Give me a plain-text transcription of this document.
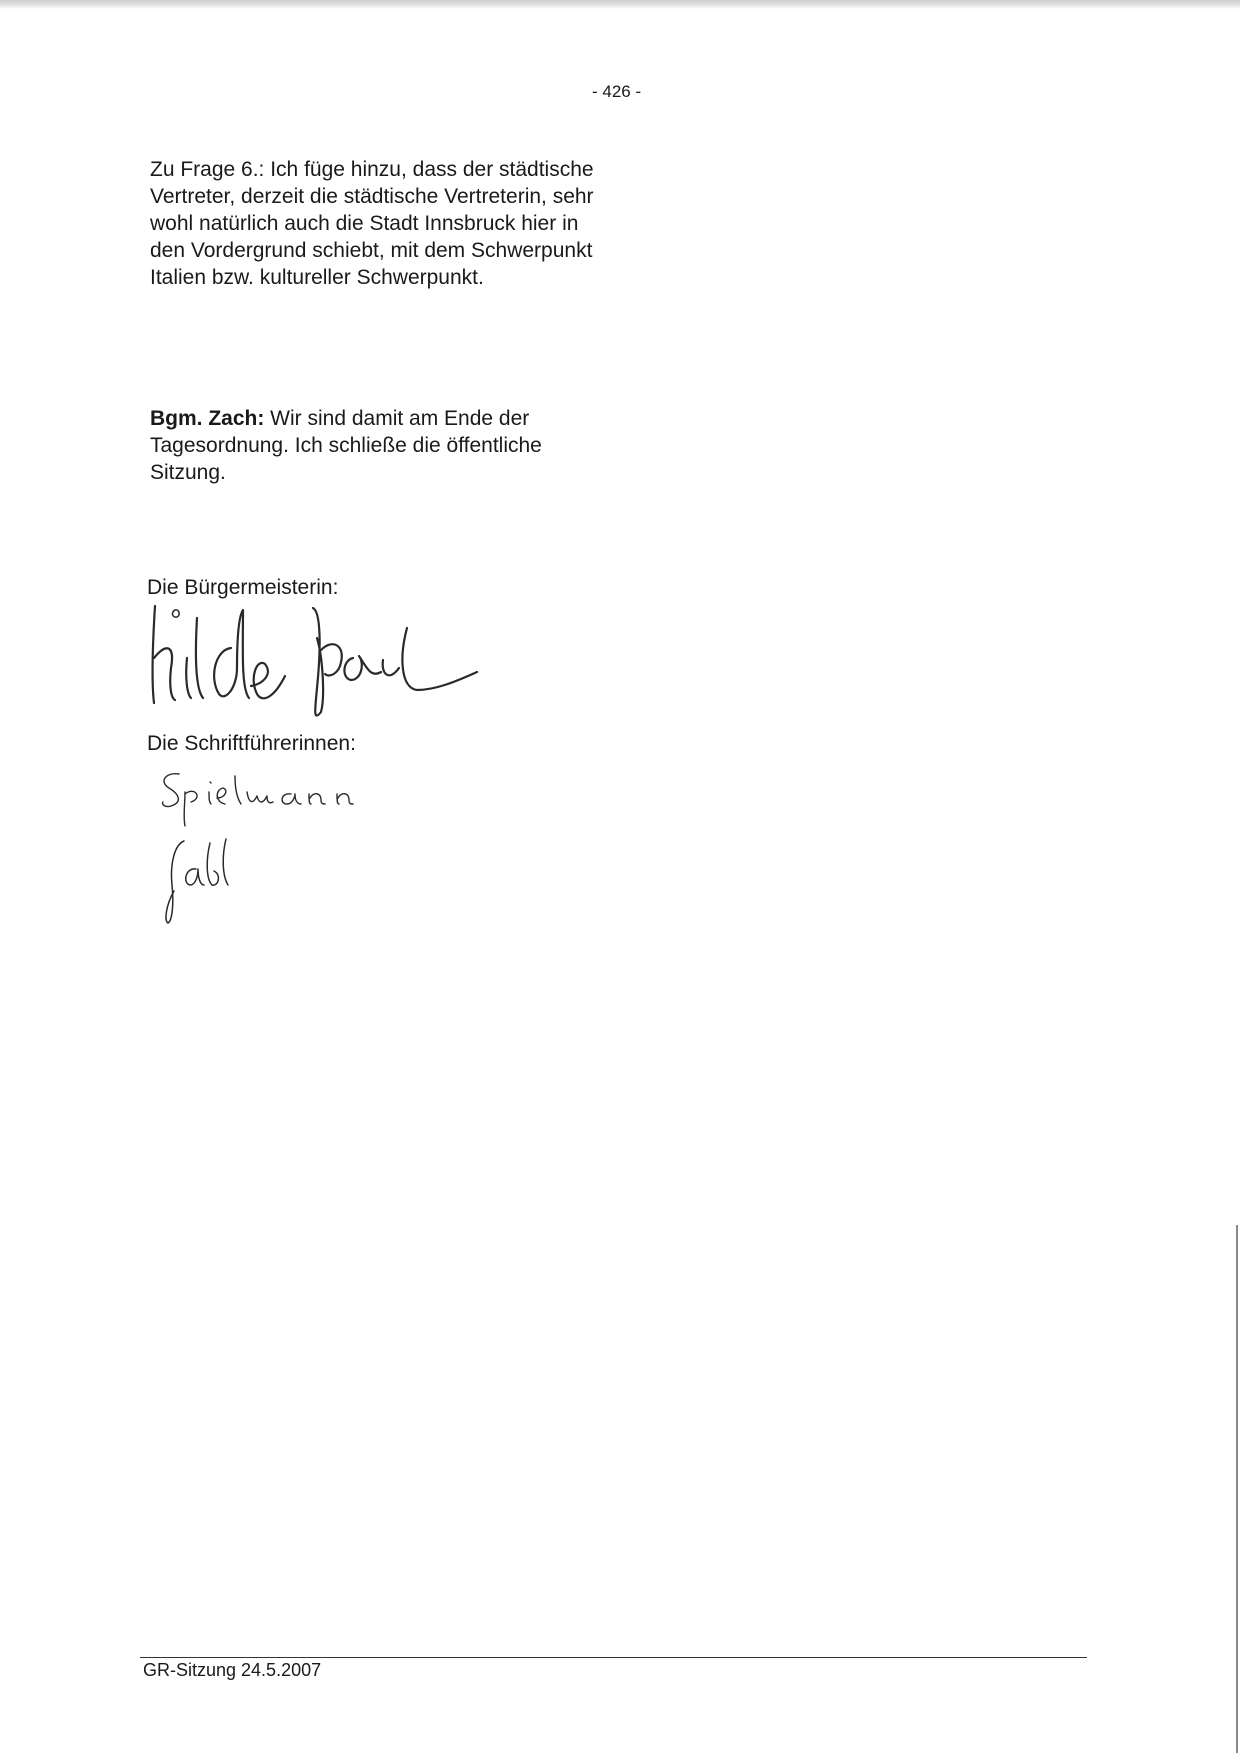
- 426 -

Zu Frage 6.: Ich füge hinzu, dass der städtische Vertreter, derzeit die städtische Vertreterin, sehr wohl natürlich auch die Stadt Innsbruck hier in den Vordergrund schiebt, mit dem Schwerpunkt Italien bzw. kultureller Schwerpunkt.

Bgm. Zach: Wir sind damit am Ende der Tagesordnung. Ich schließe die öffentliche Sitzung.

Die Bürgermeisterin:
Die Schriftführerinnen:
GR-Sitzung 24.5.2007
